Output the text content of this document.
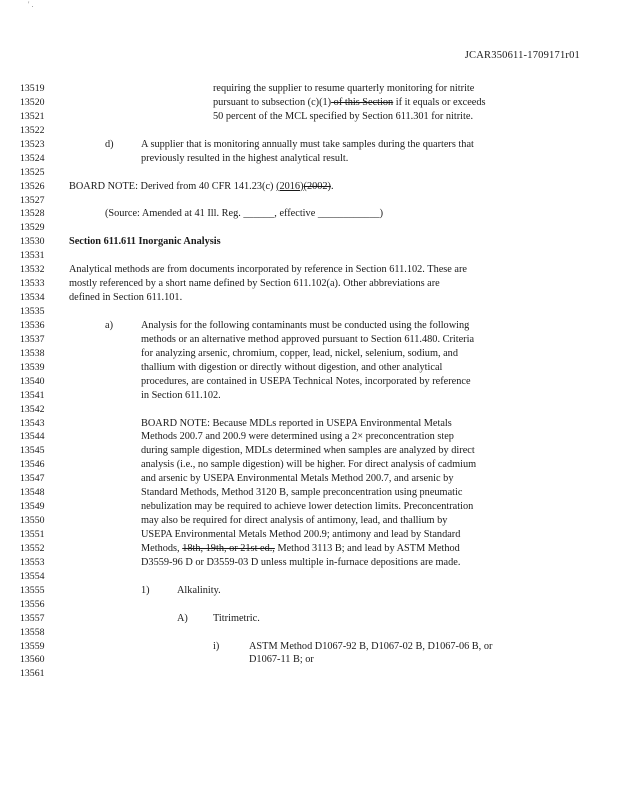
' .
JCAR350611-1709171r01
13519	requiring the supplier to resume quarterly monitoring for nitrite
13520	pursuant to subsection (c)(1) of this Section if it equals or exceeds
13521	50 percent of the MCL specified by Section 611.301 for nitrite.
13522
13523	d)	A supplier that is monitoring annually must take samples during the quarters that
13524	previously resulted in the highest analytical result.
13525
13526	BOARD NOTE: Derived from 40 CFR 141.23(c) (2016)(2002).
13527
13528	(Source: Amended at 41 Ill. Reg. ______, effective ____________)
13529
13530	Section 611.611 Inorganic Analysis
13531
13532	Analytical methods are from documents incorporated by reference in Section 611.102. These are
13533	mostly referenced by a short name defined by Section 611.102(a). Other abbreviations are
13534	defined in Section 611.101.
13535
13536	a)	Analysis for the following contaminants must be conducted using the following
13537	methods or an alternative method approved pursuant to Section 611.480. Criteria
13538	for analyzing arsenic, chromium, copper, lead, nickel, selenium, sodium, and
13539	thallium with digestion or directly without digestion, and other analytical
13540	procedures, are contained in USEPA Technical Notes, incorporated by reference
13541	in Section 611.102.
13542
13543	BOARD NOTE: Because MDLs reported in USEPA Environmental Metals
13544	Methods 200.7 and 200.9 were determined using a 2× preconcentration step
13545	during sample digestion, MDLs determined when samples are analyzed by direct
13546	analysis (i.e., no sample digestion) will be higher. For direct analysis of cadmium
13547	and arsenic by USEPA Environmental Metals Method 200.7, and arsenic by
13548	Standard Methods, Method 3120 B, sample preconcentration using pneumatic
13549	nebulization may be required to achieve lower detection limits. Preconcentration
13550	may also be required for direct analysis of antimony, lead, and thallium by
13551	USEPA Environmental Metals Method 200.9; antimony and lead by Standard
13552	Methods, 18th, 19th, or 21st ed., Method 3113 B; and lead by ASTM Method
13553	D3559-96 D or D3559-03 D unless multiple in-furnace depositions are made.
13554
13555	1)	Alkalinity.
13556
13557	A) Titrimetric.
13558
13559	i)	ASTM Method D1067-92 B, D1067-02 B, D1067-06 B, or
13560	D1067-11 B; or
13561
